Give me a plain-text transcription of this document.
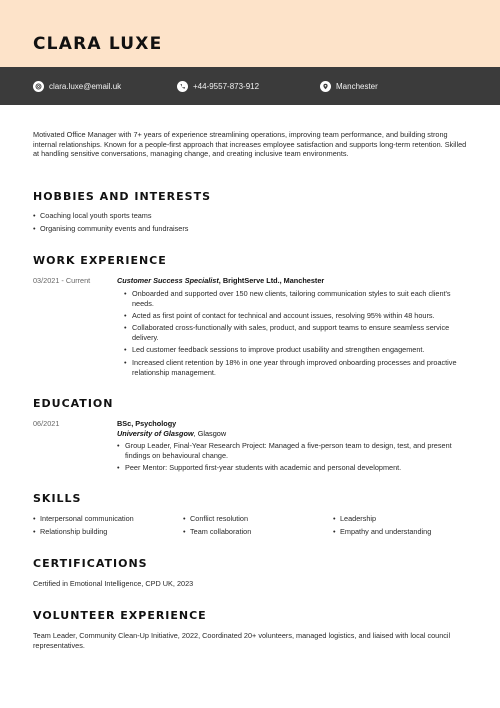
CLARA LUXE
clara.luxe@email.uk	+44-9557-873-912	Manchester
Motivated Office Manager with 7+ years of experience streamlining operations, improving team performance, and building strong internal relationships. Known for a people-first approach that increases employee satisfaction and supports long-term retention. Skilled at handling sensitive conversations, managing change, and creating inclusive team environments.
HOBBIES AND INTERESTS
• Coaching local youth sports teams
• Organising community events and fundraisers
WORK EXPERIENCE
03/2021 - Current	Customer Success Specialist, BrightServe Ltd., Manchester
• Onboarded and supported over 150 new clients, tailoring communication styles to suit each client's needs.
• Acted as first point of contact for technical and account issues, resolving 95% within 48 hours.
• Collaborated cross-functionally with sales, product, and support teams to ensure seamless service delivery.
• Led customer feedback sessions to improve product usability and strengthen engagement.
• Increased client retention by 18% in one year through improved onboarding processes and proactive relationship management.
EDUCATION
06/2021	BSc, Psychology
University of Glasgow, Glasgow
• Group Leader, Final-Year Research Project: Managed a five-person team to design, test, and present findings on behavioural change.
• Peer Mentor: Supported first-year students with academic and personal development.
SKILLS
• Interpersonal communication	• Conflict resolution	• Leadership
• Relationship building	• Team collaboration	• Empathy and understanding
CERTIFICATIONS
Certified in Emotional Intelligence, CPD UK, 2023
VOLUNTEER EXPERIENCE
Team Leader, Community Clean-Up Initiative, 2022, Coordinated 20+ volunteers, managed logistics, and liaised with local council representatives.
